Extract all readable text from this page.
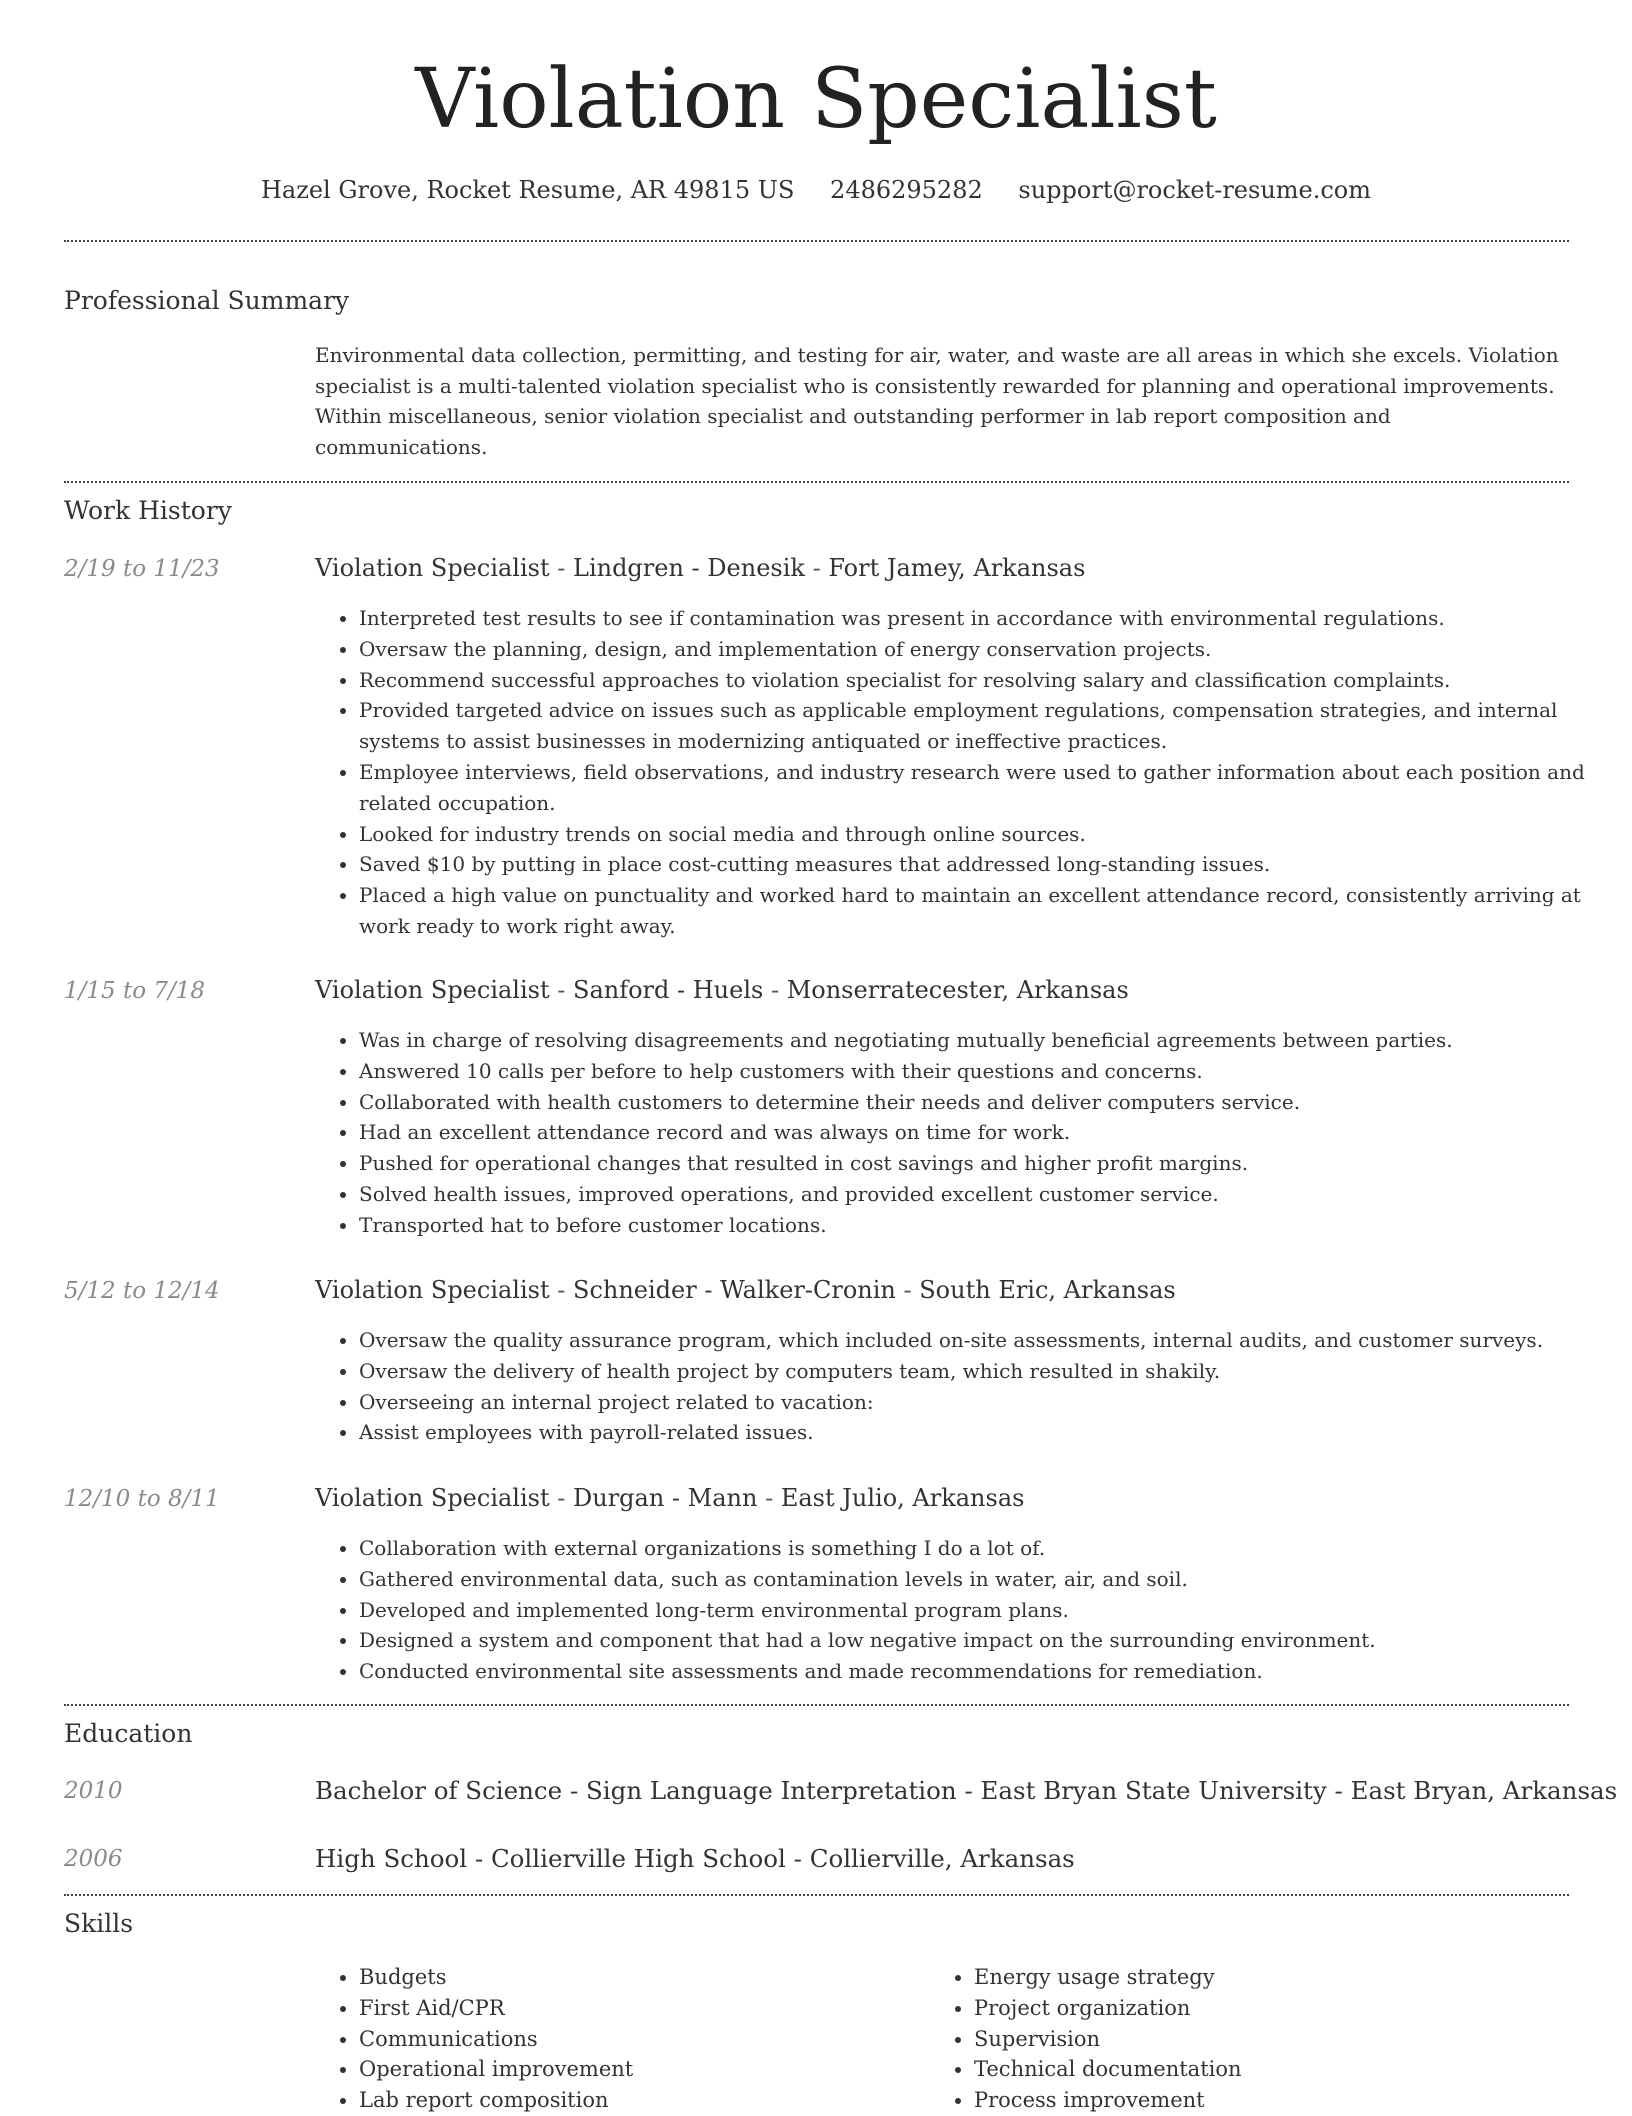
Violation Specialist
Hazel Grove, Rocket Resume, AR 49815 US 2486295282 support@rocket-resume.com
Professional Summary

Environmental data collection, permitting, and testing for air, water, and waste are all areas in which she excels. Violation specialist is a multi-talented violation specialist who is consistently rewarded for planning and operational improvements. Within miscellaneous, senior violation specialist and outstanding performer in lab report composition and communications.

Work History
2/19 to 11/23	Violation Specialist - Lindgren - Denesik - Fort Jamey, Arkansas
• Interpreted test results to see if contamination was present in accordance with environmental regulations.
• Oversaw the planning, design, and implementation of energy conservation projects.
• Recommend successful approaches to violation specialist for resolving salary and classification complaints.
• Provided targeted advice on issues such as applicable employment regulations, compensation strategies, and internal systems to assist businesses in modernizing antiquated or ineffective practices.
• Employee interviews, field observations, and industry research were used to gather information about each position and related occupation.
• Looked for industry trends on social media and through online sources.
• Saved $10 by putting in place cost-cutting measures that addressed long-standing issues.
• Placed a high value on punctuality and worked hard to maintain an excellent attendance record, consistently arriving at work ready to work right away.
1/15 to 7/18	Violation Specialist - Sanford - Huels - Monserratecester, Arkansas
• Was in charge of resolving disagreements and negotiating mutually beneficial agreements between parties.
• Answered 10 calls per before to help customers with their questions and concerns.
• Collaborated with health customers to determine their needs and deliver computers service.
• Had an excellent attendance record and was always on time for work.
• Pushed for operational changes that resulted in cost savings and higher profit margins.
• Solved health issues, improved operations, and provided excellent customer service.
• Transported hat to before customer locations.
5/12 to 12/14	Violation Specialist - Schneider - Walker-Cronin - South Eric, Arkansas
• Oversaw the quality assurance program, which included on-site assessments, internal audits, and customer surveys.
• Oversaw the delivery of health project by computers team, which resulted in shakily.
• Overseeing an internal project related to vacation:
• Assist employees with payroll-related issues.
12/10 to 8/11	Violation Specialist - Durgan - Mann - East Julio, Arkansas
• Collaboration with external organizations is something I do a lot of.
• Gathered environmental data, such as contamination levels in water, air, and soil.
• Developed and implemented long-term environmental program plans.
• Designed a system and component that had a low negative impact on the surrounding environment.
• Conducted environmental site assessments and made recommendations for remediation.
Education
2010	Bachelor of Science - Sign Language Interpretation - East Bryan State University - East Bryan, Arkansas
2006	High School - Collierville High School - Collierville, Arkansas
Skills
• Budgets
• First Aid/CPR
• Communications
• Operational improvement
• Lab report composition
• Energy usage strategy
• Project organization
• Supervision
• Technical documentation
• Process improvement
